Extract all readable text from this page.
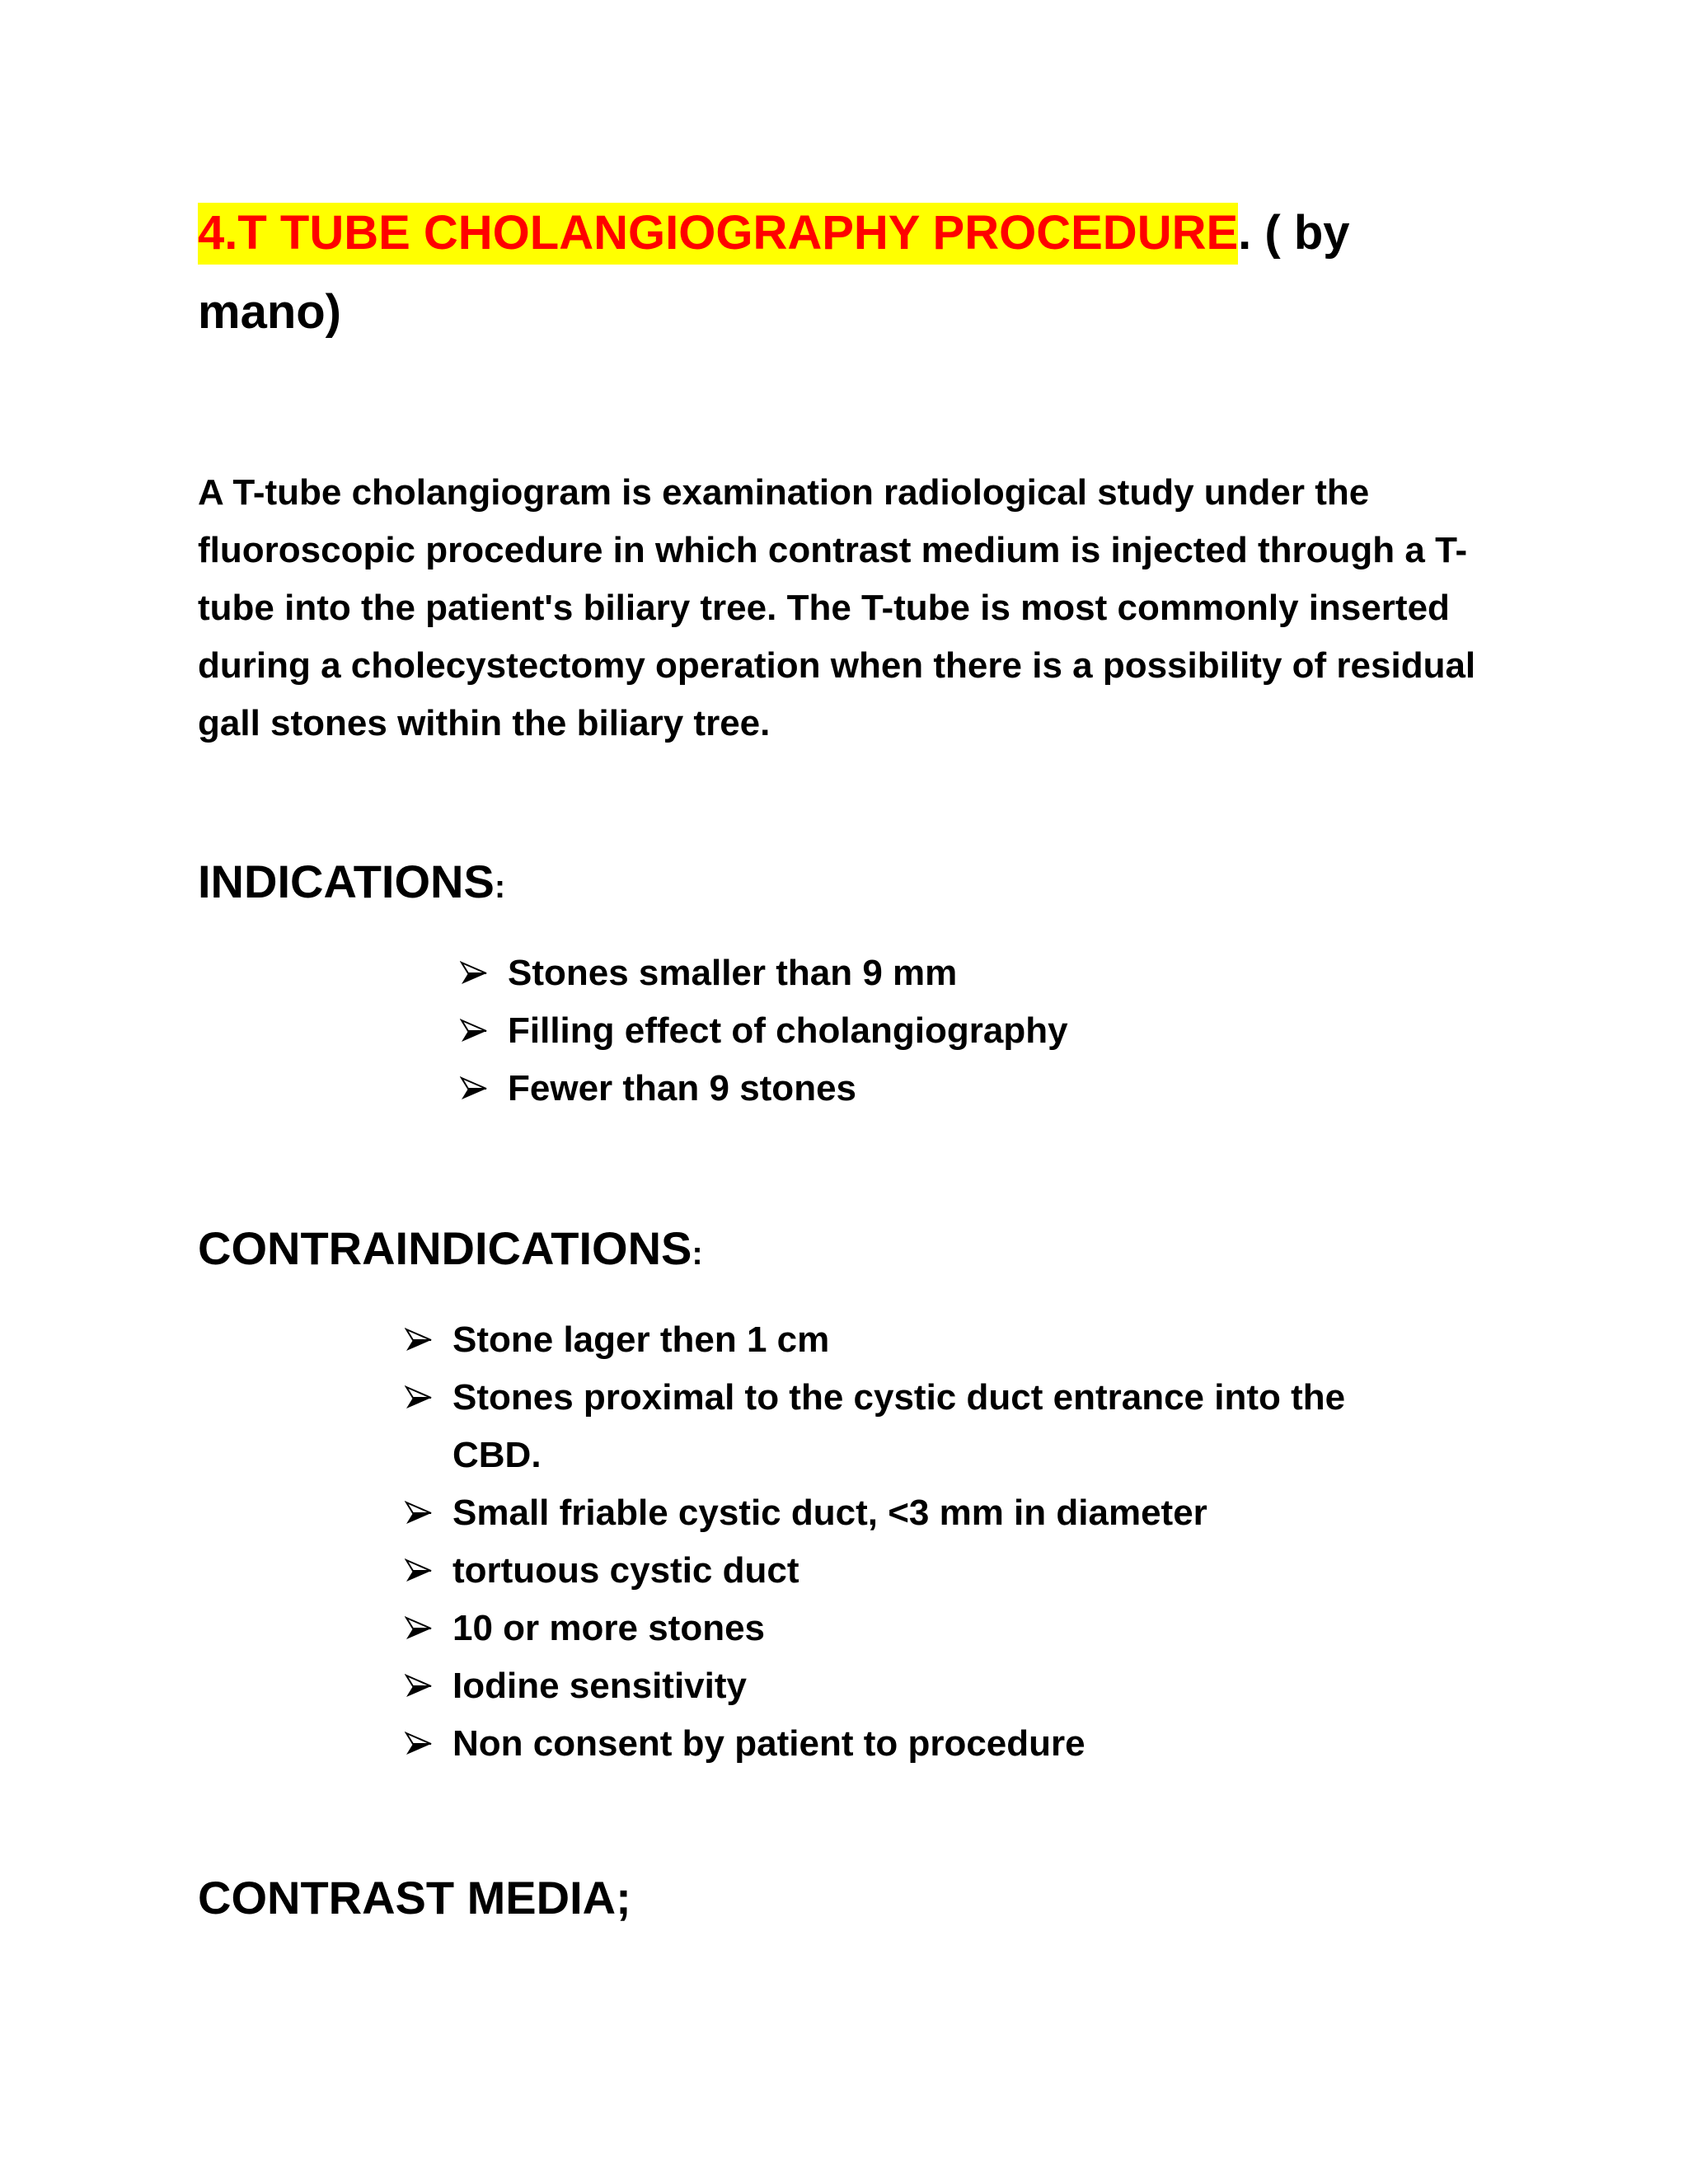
4.T TUBE CHOLANGIOGRAPHY PROCEDURE. ( by mano)

A T-tube cholangiogram is examination radiological study under the fluoroscopic procedure in which contrast medium is injected through a T-tube into the patient's biliary tree. The T-tube is most commonly inserted during a cholecystectomy operation when there is a possibility of residual gall stones within the biliary tree.

INDICATIONS:
Stones smaller than 9 mm
Filling effect of cholangiography
Fewer than 9 stones
CONTRAINDICATIONS:
Stone lager then 1 cm
Stones proximal to the cystic duct entrance into the CBD.
Small friable cystic duct, <3 mm in diameter
tortuous cystic duct
10 or more stones
Iodine sensitivity
Non consent by patient to procedure
CONTRAST MEDIA;
